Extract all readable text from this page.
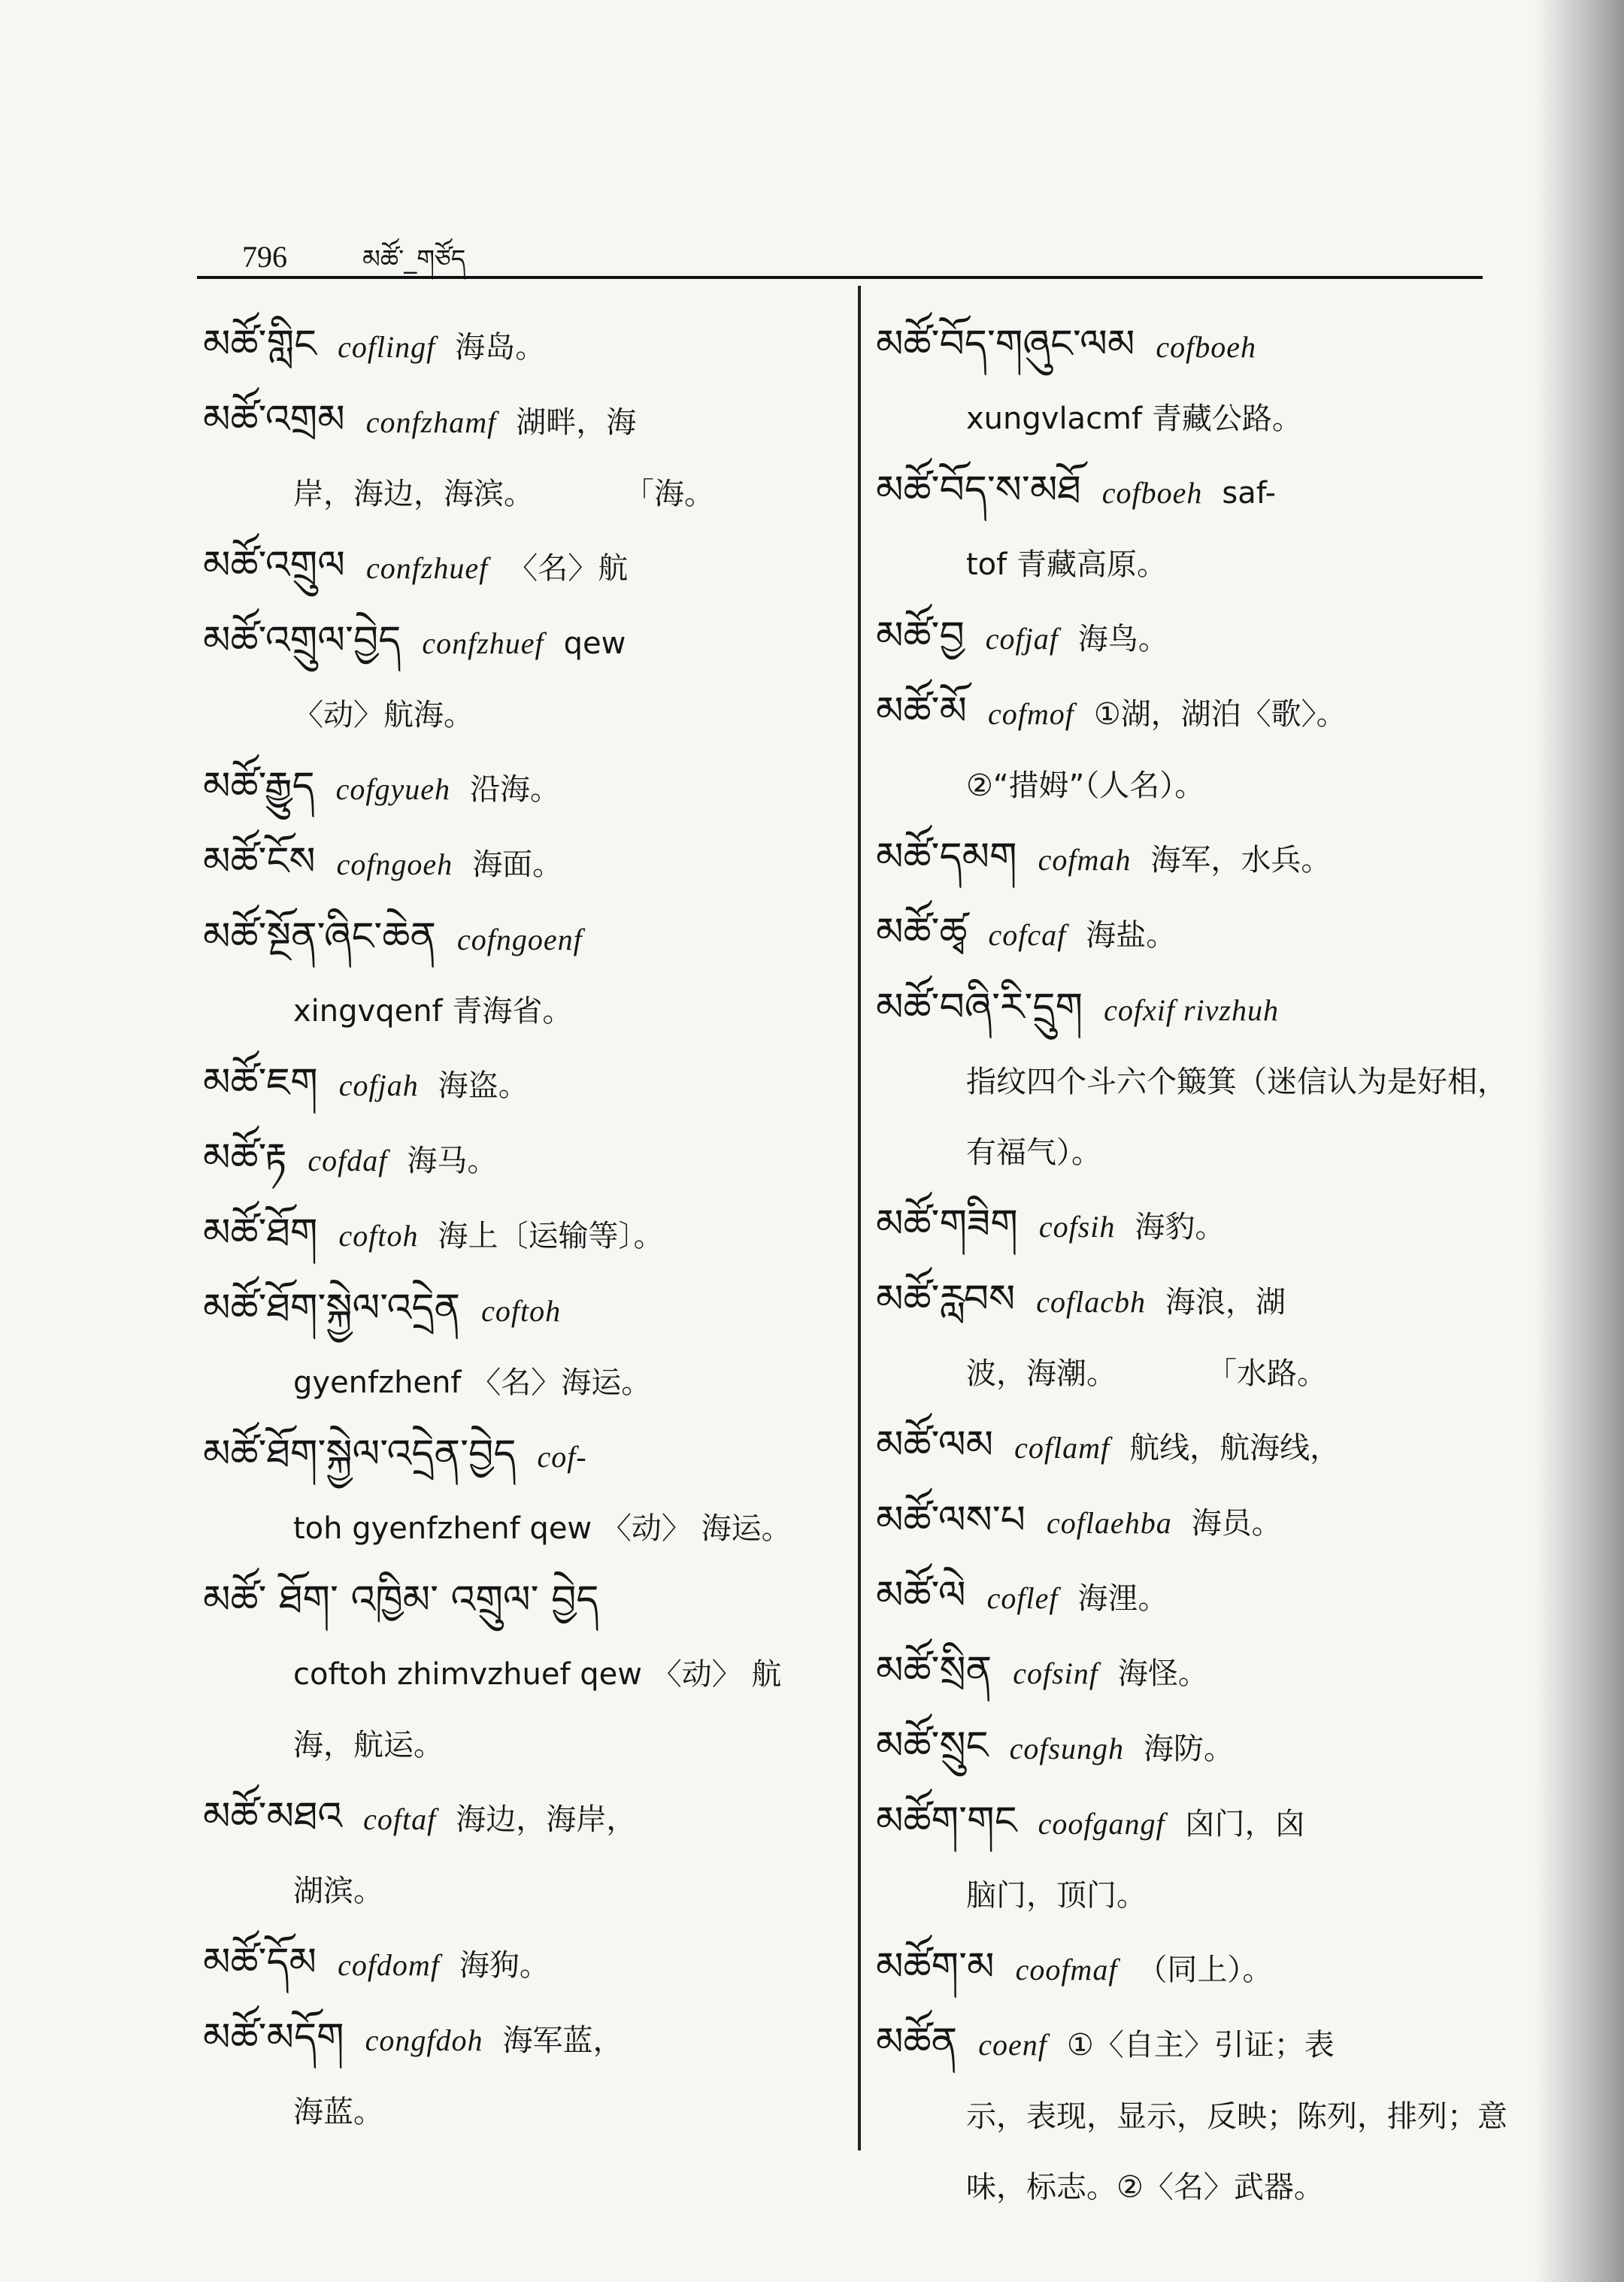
796	མཚོ་_གཙོད

མཚོ་གླིང coflingf 海岛。

མཚོ་འགྲམ confzhamf 湖畔，海
岸，海边，海滨。　　　　「海。

མཚོ་འགྲུལ confzhuef 〈名〉航

མཚོ་འགྲུལ་བྱེད confzhuef qew
〈动〉航海。

མཚོ་རྒྱུད cofgyueh 沿海。

མཚོ་ངོས cofngoeh 海面。

མཚོ་སྔོན་ཞིང་ཆེན cofngoenf
xingvqenf 青海省。

མཚོ་ཇག cofjah 海盗。

མཚོ་རྟ cofdaf 海马。

མཚོ་ཐོག coftoh 海上〔运输等〕。

མཚོ་ཐོག་སྐྱེལ་འདྲེན coftoh
gyenfzhenf 〈名〉海运。

མཚོ་ཐོག་སྐྱེལ་འདྲེན་བྱེད cof-
toh gyenfzhenf qew 〈动〉 海运。

མཚོ་ ཐོག་ འཁྱིམ་ འགྲུལ་ བྱེད
coftoh zhimvzhuef qew 〈动〉 航海，航运。

མཚོ་མཐའ coftaf 海边，海岸，
湖滨。

མཚོ་དོམ cofdomf 海狗。

མཚོ་མདོག congfdoh 海军蓝，
海蓝。

མཚོ་བོད་གཞུང་ལམ cofboeh
xungvlacmf 青藏公路。

མཚོ་བོད་ས་མཐོ cofboeh saf-
tof 青藏高原。

མཚོ་བྱ cofjaf 海鸟。

མཚོ་མོ cofmof ①湖，湖泊〈歌〉。
②“措姆”（人名）。

མཚོ་དམག cofmah 海军，水兵。

མཚོ་ཚྭ cofcaf 海盐。

མཚོ་བཞི་རི་དྲུག cofxif rivzhuh
指纹四个斗六个簸箕（迷信认为是好相，有福气）。

མཚོ་གཟིག cofsih 海豹。

མཚོ་རླབས coflacbh 海浪，湖
波，海潮。　　　　「水路。

མཚོ་ལམ coflamf 航线，航海线，

མཚོ་ལས་པ coflaehba 海员。

མཚོ་ལེ coflef 海浬。

མཚོ་སྲིན cofsinf 海怪。

མཚོ་སྲུང cofsungh 海防。

མཚོག་གང coofgangf 囟门，囟
脑门，顶门。

མཚོག་མ coofmaf （同上）。

མཚོན coenf ①〈自主〉引证；表
示，表现，显示，反映；陈列，排列；意味，标志。②〈名〉武器。
